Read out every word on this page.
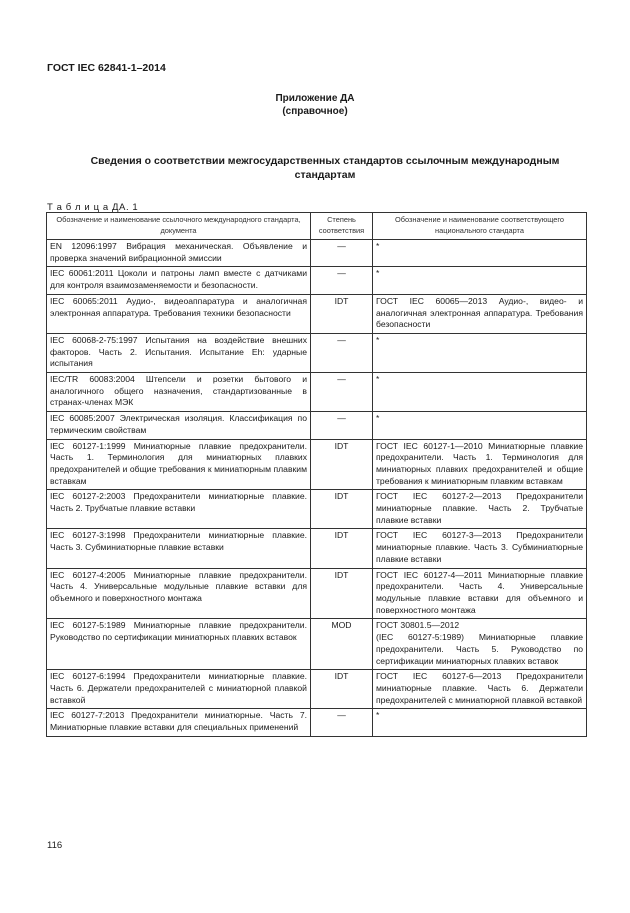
ГОСТ IEC 62841-1–2014
Приложение ДА
(справочное)
Сведения о соответствии межгосударственных стандартов ссылочным международным стандартам
Т а б л и ц а ДА. 1
Обозначение и наименование ссылочного международного стандарта, документа	Степень соответствия	Обозначение и наименование соответствующего национального стандарта
EN 12096:1997 Вибрация механическая. Объявление и проверка значений вибрационной эмиссии	—	*
IEC 60061:2011 Цоколи и патроны ламп вместе с датчиками для контроля взаимозаменяемости и безопасности.	—	*
IEC 60065:2011 Аудио-, видеоаппаратура и аналогичная электронная аппаратура. Требования техники безопасности	IDT	ГОСТ IEC 60065—2013 Аудио-, видео- и аналогичная электронная аппаратура. Требования безопасности
IEC 60068-2-75:1997 Испытания на воздействие внешних факторов. Часть 2. Испытания. Испытание Eh: ударные испытания	—	*
IEC/TR 60083:2004 Штепсели и розетки бытового и аналогичного общего назначения, стандартизованные в странах-членах МЭК	—	*
IEC 60085:2007 Электрическая изоляция. Классификация по термическим свойствам	—	*
IEC 60127-1:1999 Миниатюрные плавкие предохранители. Часть 1. Терминология для миниатюрных плавких предохранителей и общие требования к миниатюрным плавким вставкам	IDT	ГОСТ IEC 60127-1—2010 Миниатюрные плавкие предохранители. Часть 1. Терминология для миниатюрных плавких предохранителей и общие требования к миниатюрным плавким вставкам
IEC 60127-2:2003 Предохранители миниатюрные плавкие. Часть 2. Трубчатые плавкие вставки	IDT	ГОСТ IEC 60127-2—2013 Предохранители миниатюрные плавкие. Часть 2. Трубчатые плавкие вставки
IEC 60127-3:1998 Предохранители миниатюрные плавкие. Часть 3. Субминиатюрные плавкие вставки	IDT	ГОСТ IEC 60127-3—2013 Предохранители миниатюрные плавкие. Часть 3. Субминиатюрные плавкие вставки
IEC 60127-4:2005 Миниатюрные плавкие предохранители. Часть 4. Универсальные модульные плавкие вставки для объемного и поверхностного монтажа	IDT	ГОСТ IEC 60127-4—2011 Миниатюрные плавкие предохранители. Часть 4. Универсальные модульные плавкие вставки для объемного и поверхностного монтажа
IEC 60127-5:1989 Миниатюрные плавкие предохранители. Руководство по сертификации миниатюрных плавких вставок	MOD	ГОСТ 30801.5—2012
(IEC 60127-5:1989) Миниатюрные плавкие предохранители. Часть 5. Руководство по сертификации миниатюрных плавких вставок
IEC 60127-6:1994 Предохранители миниатюрные плавкие. Часть 6. Держатели предохранителей с миниатюрной плавкой вставкой	IDT	ГОСТ IEC 60127-6—2013 Предохранители миниатюрные плавкие. Часть 6. Держатели предохранителей с миниатюрной плавкой вставкой
IEC 60127-7:2013 Предохранители миниатюрные. Часть 7. Миниатюрные плавкие вставки для специальных применений	—	*
116
